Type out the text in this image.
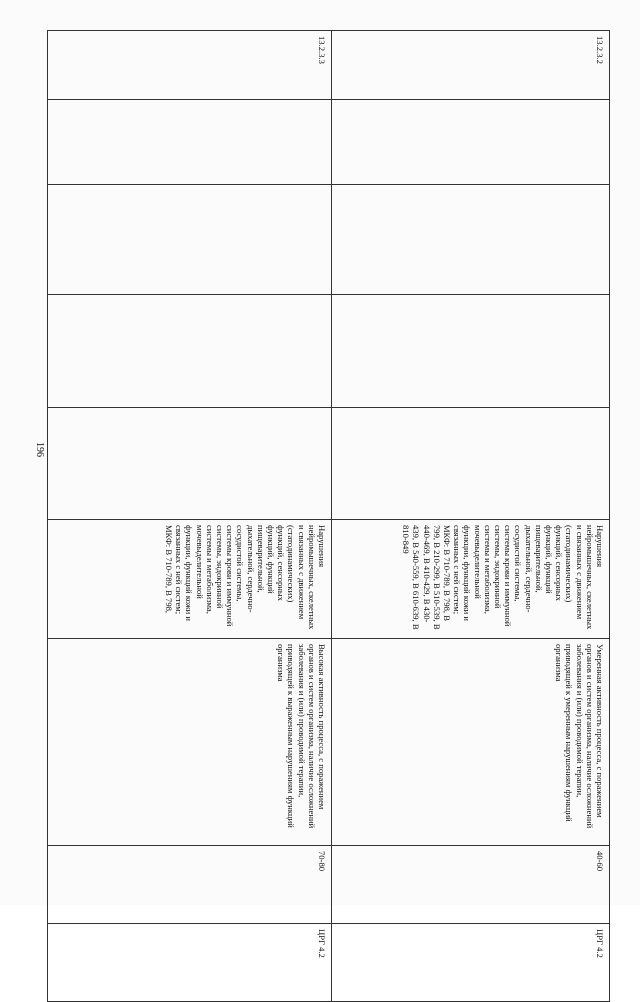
196
13.2.3.2					Нарушения нейромышечных, скелетных и связанных с движением (статодинамических) функций, сенсорных функций, функций пищеварительной, дыхательной, сердечно-сосудистой системы, системы крови и иммунной системы, эндокринной системы и метаболизма, мочевыделительной функции, функций кожи и связанных с ней систем; МКФ: В 710-789, В 798, В 799, В 210-299, В 510-539, В 440-469, В 410-429, В 430-439, В 540-559, В 610-639, В 810-849	Умеренная активность процесса, с поражением органов и систем организма, наличие осложнений заболевания и (или) проводимой терапии, приводящей к умеренным нарушениям функций организма	40-60	ЦРГ 4.2
13.2.3.3					Нарушения нейромышечных, скелетных и связанных с движением (статодинамических) функций, сенсорных функций, функций пищеварительной, дыхательной, сердечно-сосудистой системы, системы крови и иммунной системы, эндокринной системы и метаболизма, мочевыделительной функции, функций кожи и связанных с ней систем; МКФ: В 710-789, В 798,	Высокая активность процесса, с поражением органов и систем организма, наличие осложнений заболевания и (или) проводимой терапии, приводящей к выраженным нарушениям функций организма	70-80	ЦРГ 4.2
